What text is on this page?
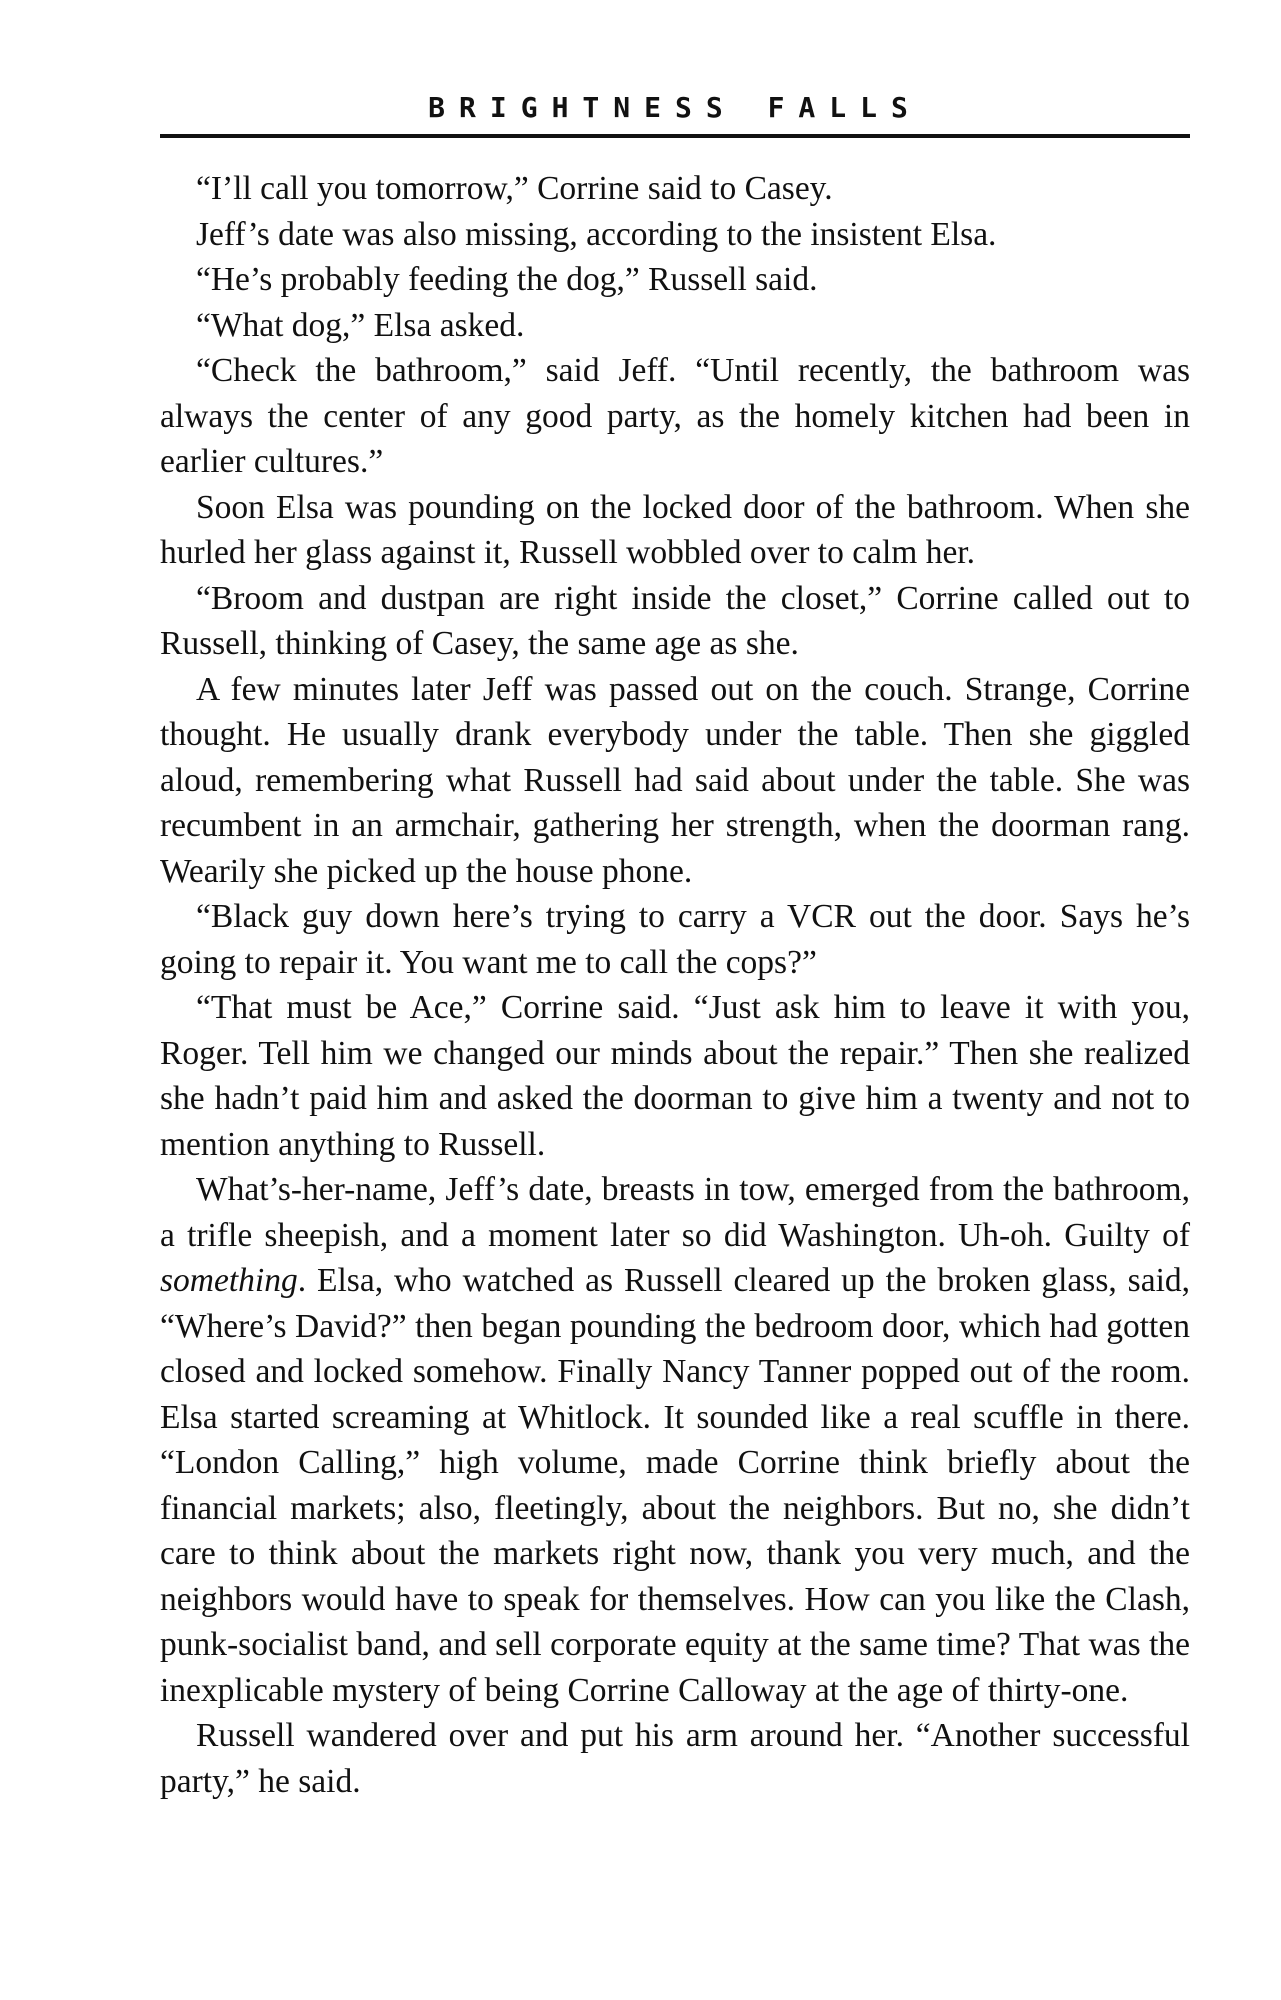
BRIGHTNESS FALLS

“I’ll call you tomorrow,” Corrine said to Casey.

Jeff’s date was also missing, according to the insistent Elsa.

“He’s probably feeding the dog,” Russell said.

“What dog,” Elsa asked.

“Check the bathroom,” said Jeff. “Until recently, the bathroom was always the center of any good party, as the homely kitchen had been in earlier cultures.”

Soon Elsa was pounding on the locked door of the bathroom. When she hurled her glass against it, Russell wobbled over to calm her.

“Broom and dustpan are right inside the closet,” Corrine called out to Russell, thinking of Casey, the same age as she.

A few minutes later Jeff was passed out on the couch. Strange, Corrine thought. He usually drank everybody under the table. Then she giggled aloud, remembering what Russell had said about under the table. She was recumbent in an armchair, gathering her strength, when the doorman rang. Wearily she picked up the house phone.

“Black guy down here’s trying to carry a VCR out the door. Says he’s going to repair it. You want me to call the cops?”

“That must be Ace,” Corrine said. “Just ask him to leave it with you, Roger. Tell him we changed our minds about the repair.” Then she realized she hadn’t paid him and asked the doorman to give him a twenty and not to mention anything to Russell.

What’s-her-name, Jeff’s date, breasts in tow, emerged from the bathroom, a trifle sheepish, and a moment later so did Washington. Uh-oh. Guilty of something. Elsa, who watched as Russell cleared up the broken glass, said, “Where’s David?” then began pounding the bedroom door, which had gotten closed and locked somehow. Finally Nancy Tanner popped out of the room. Elsa started screaming at Whitlock. It sounded like a real scuffle in there. “London Calling,” high volume, made Corrine think briefly about the financial markets; also, fleetingly, about the neighbors. But no, she didn’t care to think about the markets right now, thank you very much, and the neighbors would have to speak for themselves. How can you like the Clash, punk-socialist band, and sell corporate equity at the same time? That was the inexplicable mystery of being Corrine Calloway at the age of thirty-one.

Russell wandered over and put his arm around her. “Another successful party,” he said.
